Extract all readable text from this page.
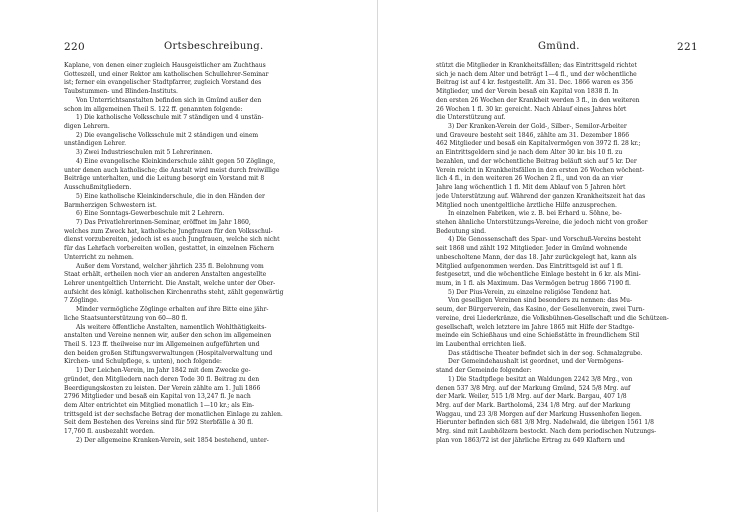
220	Ortsbeschreibung.
Kaplane, von denen einer zugleich Hausgeistlicher am Zuchthaus
Gotteszell, und einer Rektor am katholischen Schullehrer-Seminar
ist; ferner ein evangelischer Stadtpfarrer, zugleich Vorstand des
Taubstummen- und Blinden-Instituts.
Von Unterrichtsanstalten befinden sich in Gmünd außer den
schon im allgemeinen Theil S. 122 ff. genannten folgende:
1) Die katholische Volksschule mit 7 ständigen und 4 unstän-
digen Lehrern.
2) Die evangelische Volksschule mit 2 ständigen und einem
unständigen Lehrer.
3) Zwei Industrieschulen mit 5 Lehrerinnen.
4) Eine evangelische Kleinkinderschule zählt gegen 50 Zöglinge,
unter denen auch katholische; die Anstalt wird meist durch freiwillige
Beiträge unterhalten, und die Leitung besorgt ein Vorstand mit 8
Ausschußmitgliedern.
5) Eine katholische Kleinkinderschule, die in den Händen der
Barmherzigen Schwestern ist.
6) Eine Sonntags-Gewerbeschule mit 2 Lehrern.
7) Das Privatlehrerinnen-Seminar, eröffnet im Jahr 1860,
welches zum Zweck hat, katholische Jungfrauen für den Volksschul-
dienst vorzubereiten, jedoch ist es auch Jungfrauen, welche sich nicht
für das Lehrfach vorbereiten wollen, gestattet, in einzelnen Fächern
Unterricht zu nehmen.
Außer dem Vorstand, welcher jährlich 235 fl. Belohnung vom
Staat erhält, ertheilen noch vier an anderen Anstalten angestellte
Lehrer unentgeltlich Unterricht. Die Anstalt, welche unter der Ober-
aufsicht des königl. katholischen Kirchenraths steht, zählt gegenwärtig
7 Zöglinge.
Minder vermögliche Zöglinge erhalten auf ihre Bitte eine jähr-
liche Staatsunterstützung von 60—80 fl.
Als weitere öffentliche Anstalten, namentlich Wohlthätigkeits-
anstalten und Vereine nennen wir, außer den schon im allgemeinen
Theil S. 123 ff. theilweise nur im Allgemeinen aufgeführten und
den beiden großen Stiftungsverwaltungen (Hospitalverwaltung und
Kirchen- und Schulpflege, s. unten), noch folgende:
1) Der Leichen-Verein, im Jahr 1842 mit dem Zwecke ge-
gründet, den Mitgliedern nach deren Tode 30 fl. Beitrag zu den
Beerdigungskosten zu leisten. Der Verein zählte am 1. Juli 1866
2796 Mitglieder und besaß ein Kapital von 13,247 fl. Je nach
dem Alter entrichtet ein Mitglied monatlich 1—10 kr.; als Ein-
trittsgeld ist der sechsfache Betrag der monatlichen Einlage zu zahlen.
Seit dem Bestehen des Vereins sind für 592 Sterbfälle à 30 fl.
17,760 fl. ausbezahlt worden.
2) Der allgemeine Kranken-Verein, seit 1854 bestehend, unter-
Gmünd.	221
stützt die Mitglieder in Krankheitsfällen; das Eintrittsgeld richtet
sich je nach dem Alter und beträgt 1—4 fl., und der wöchentliche
Beitrag ist auf 4 kr. festgestellt. Am 31. Dec. 1866 waren es 356
Mitglieder, und der Verein besaß ein Kapital von 1838 fl. In
den ersten 26 Wochen der Krankheit werden 3 fl., in den weiteren
26 Wochen 1 fl. 30 kr. gereicht. Nach Ablauf eines Jahres hört
die Unterstützung auf.
3) Der Kranken-Verein der Gold-, Silber-, Semilor-Arbeiter
und Graveure besteht seit 1846, zählte am 31. Dezember 1866
462 Mitglieder und besaß ein Kapitalvermögen von 3972 fl. 28 kr.;
an Eintrittsgeldern sind je nach dem Alter 30 kr. bis 10 fl. zu
bezahlen, und der wöchentliche Beitrag beläuft sich auf 5 kr. Der
Verein reicht in Krankheitsfällen in den ersten 26 Wochen wöchent-
lich 4 fl., in den weiteren 26 Wochen 2 fl., und von da an vier
Jahre lang wöchentlich 1 fl. Mit dem Ablauf von 5 Jahren hört
jede Unterstützung auf. Während der ganzen Krankheitszeit hat das
Mitglied noch unentgeltliche ärztliche Hilfe anzusprechen.
In einzelnen Fabriken, wie z. B. bei Erhard u. Söhne, be-
stehen ähnliche Unterstützungs-Vereine, die jedoch nicht von großer
Bedeutung sind.
4) Die Genossenschaft des Spar- und Vorschuß-Vereins besteht
seit 1868 und zählt 192 Mitglieder. Jeder in Gmünd wohnende
unbescholtene Mann, der das 18. Jahr zurückgelegt hat, kann als
Mitglied aufgenommen werden. Das Eintrittsgeld ist auf 1 fl.
festgesetzt, und die wöchentliche Einlage besteht in 6 kr. als Mini-
mum, in 1 fl. als Maximum. Das Vermögen betrug 1866 7190 fl.
5) Der Pius-Verein, zu einzelne religiöse Tendenz hat.
Von geselligen Vereinen sind besonders zu nennen: das Mu-
seum, der Bürgerverein, das Kasino, der Gesellenverein, zwei Turn-
vereine, drei Liederkränze, die Volksbühnen-Gesellschaft und die Schützen-
gesellschaft, welch letztere im Jahre 1865 mit Hilfe der Stadtge-
meinde ein Schießhaus und eine Schießstätte in freundlichem Stil
im Laubenthal errichten ließ.
Das städtische Theater befindet sich in der sog. Schmalzgrube.
Der Gemeindehaushalt ist geordnet, und der Vermögens-
stand der Gemeinde folgender:
1) Die Stadtpflege besitzt an Waldungen 2242 3/8 Mrg., von
denen 537 3/8 Mrg. auf der Markung Gmünd, 524 5/8 Mrg. auf
der Mark. Weiler, 515 1/8 Mrg. auf der Mark. Bargau, 407 1/8
Mrg. auf der Mark. Bartholomä, 234 1/8 Mrg. auf der Markung
Waggau, und 23 3/8 Morgen auf der Markung Hussenhofen liegen.
Hierunter befinden sich 681 3/8 Mrg. Nadelwald, die übrigen 1561 1/8
Mrg. sind mit Laubhölzern bestockt. Nach dem periodischen Nutzungs-
plan von 1863/72 ist der jährliche Ertrag zu 649 Klaftern und
